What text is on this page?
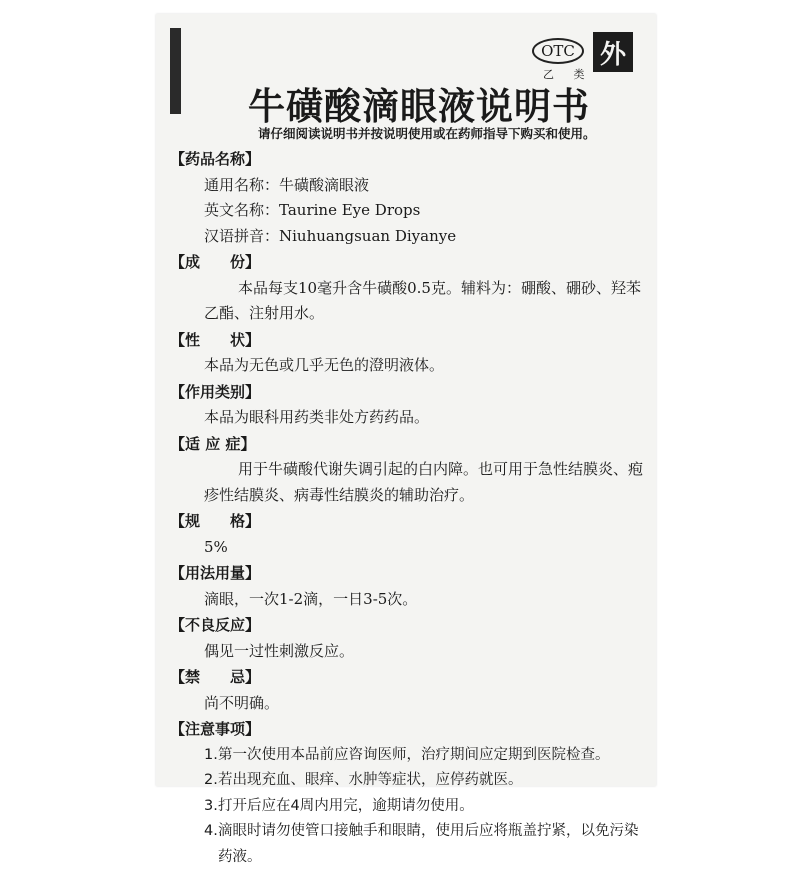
OTC
乙 类
外
牛磺酸滴眼液说明书
请仔细阅读说明书并按说明使用或在药师指导下购买和使用。
【药品名称】

通用名称：牛磺酸滴眼液

英文名称：Taurine Eye Drops

汉语拼音：Niuhuangsuan Diyanye

【成　　份】

本品每支10毫升含牛磺酸0.5克。辅料为：硼酸、硼砂、羟苯乙酯、注射用水。

【性　　状】

本品为无色或几乎无色的澄明液体。

【作用类别】

本品为眼科用药类非处方药药品。

【适 应 症】

用于牛磺酸代谢失调引起的白内障。也可用于急性结膜炎、疱疹性结膜炎、病毒性结膜炎的辅助治疗。

【规　　格】

5%

【用法用量】

滴眼，一次1-2滴，一日3-5次。

【不良反应】

偶见一过性刺激反应。

【禁　　忌】

尚不明确。

【注意事项】
1. 第一次使用本品前应咨询医师，治疗期间应定期到医院检查。
2. 若出现充血、眼痒、水肿等症状，应停药就医。
3. 打开后应在4周内用完，逾期请勿使用。
4. 滴眼时请勿使管口接触手和眼睛，使用后应将瓶盖拧紧，以免污染药液。
